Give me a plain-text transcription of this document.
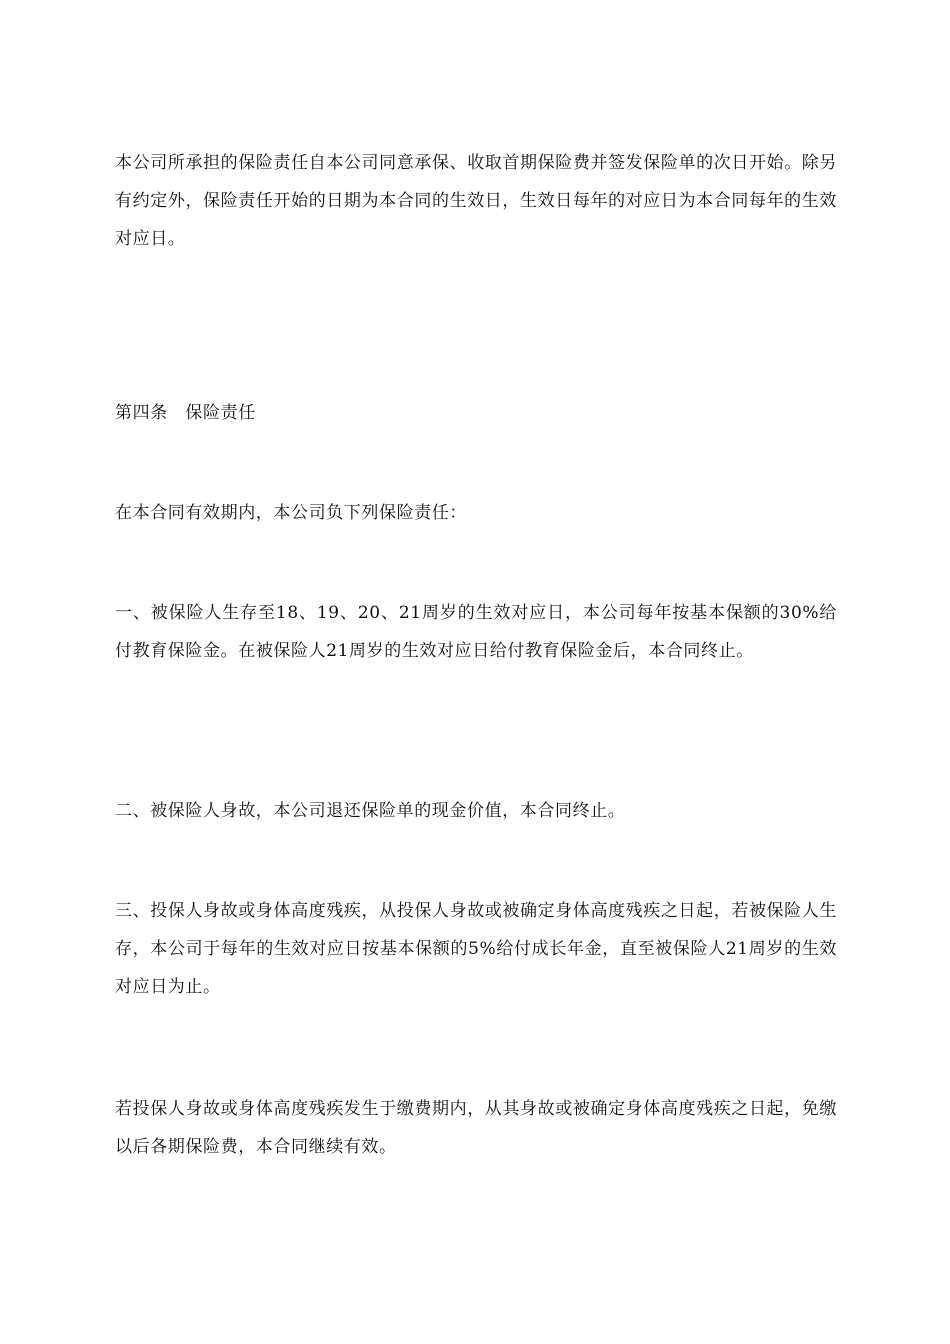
本公司所承担的保险责任自本公司同意承保、收取首期保险费并签发保险单的次日开始。除另有约定外，保险责任开始的日期为本合同的生效日，生效日每年的对应日为本合同每年的生效对应日。

第四条　保险责任

在本合同有效期内，本公司负下列保险责任：

一、被保险人生存至18、19、20、21周岁的生效对应日，本公司每年按基本保额的30%给付教育保险金。在被保险人21周岁的生效对应日给付教育保险金后，本合同终止。

二、被保险人身故，本公司退还保险单的现金价值，本合同终止。

三、投保人身故或身体高度残疾，从投保人身故或被确定身体高度残疾之日起，若被保险人生存，本公司于每年的生效对应日按基本保额的5%给付成长年金，直至被保险人21周岁的生效对应日为止。

若投保人身故或身体高度残疾发生于缴费期内，从其身故或被确定身体高度残疾之日起，免缴以后各期保险费，本合同继续有效。
